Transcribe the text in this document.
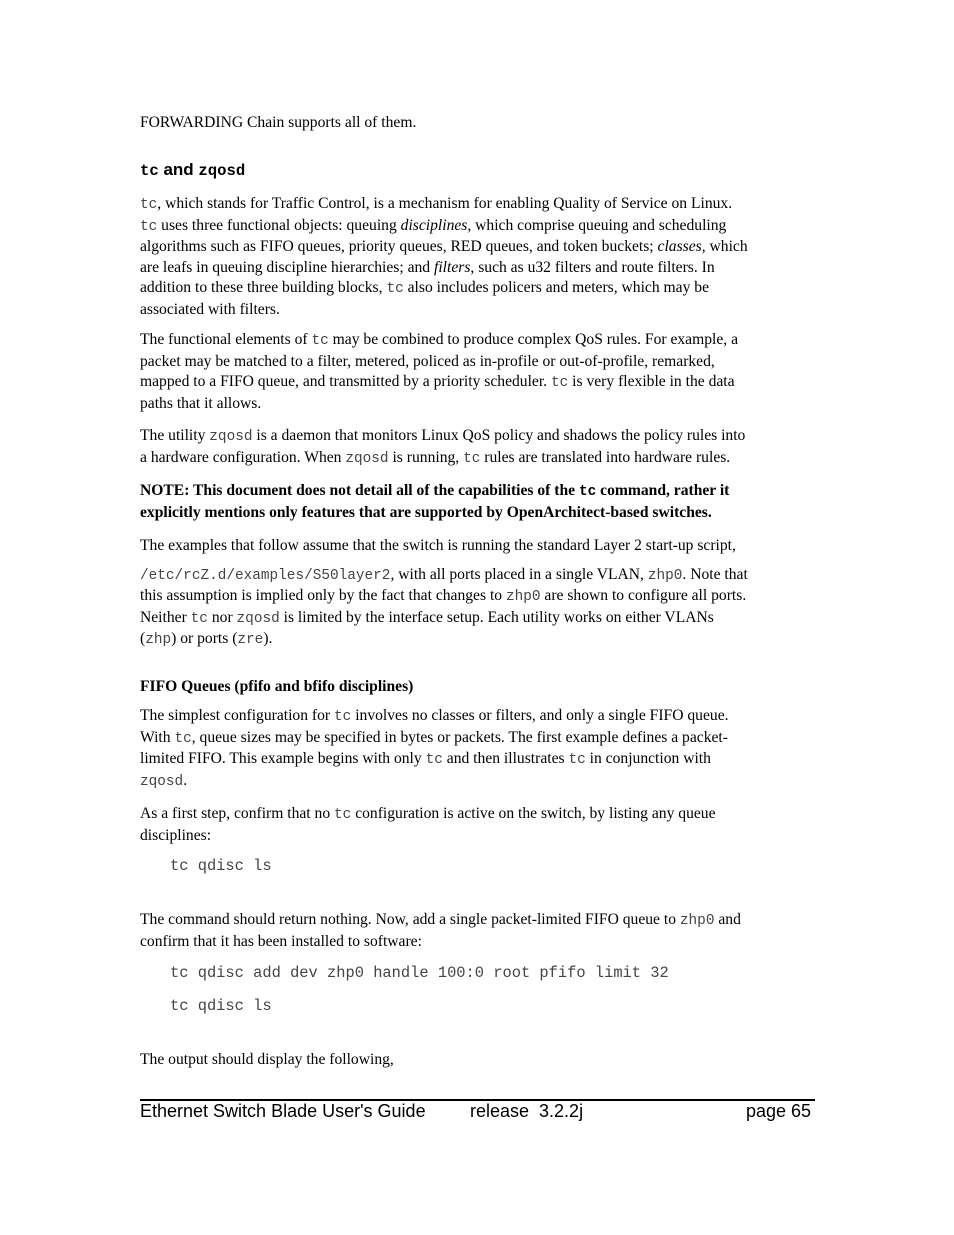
FORWARDING Chain supports all of them.
tc and zqosd
tc, which stands for Traffic Control, is a mechanism for enabling Quality of Service on Linux.
tc uses three functional objects: queuing disciplines, which comprise queuing and scheduling
algorithms such as FIFO queues, priority queues, RED queues, and token buckets; classes, which
are leafs in queuing discipline hierarchies; and filters, such as u32 filters and route filters. In
addition to these three building blocks, tc also includes policers and meters, which may be
associated with filters.
The functional elements of tc may be combined to produce complex QoS rules. For example, a
packet may be matched to a filter, metered, policed as in-profile or out-of-profile, remarked,
mapped to a FIFO queue, and transmitted by a priority scheduler. tc is very flexible in the data
paths that it allows.
The utility zqosd is a daemon that monitors Linux QoS policy and shadows the policy rules into
a hardware configuration. When zqosd is running, tc rules are translated into hardware rules.
NOTE: This document does not detail all of the capabilities of the tc command, rather it
explicitly mentions only features that are supported by OpenArchitect-based switches.
The examples that follow assume that the switch is running the standard Layer 2 start-up script,
/etc/rcZ.d/examples/S50layer2, with all ports placed in a single VLAN, zhp0. Note that
this assumption is implied only by the fact that changes to zhp0 are shown to configure all ports.
Neither tc nor zqosd is limited by the interface setup. Each utility works on either VLANs
(zhp) or ports (zre).
FIFO Queues (pfifo and bfifo disciplines)
The simplest configuration for tc involves no classes or filters, and only a single FIFO queue.
With tc, queue sizes may be specified in bytes or packets. The first example defines a packet-
limited FIFO. This example begins with only tc and then illustrates tc in conjunction with
zqosd.
As a first step, confirm that no tc configuration is active on the switch, by listing any queue
disciplines:
tc qdisc ls
The command should return nothing. Now, add a single packet-limited FIFO queue to zhp0 and
confirm that it has been installed to software:
tc qdisc add dev zhp0 handle 100:0 root pfifo limit 32
tc qdisc ls
The output should display the following,
Ethernet Switch Blade User's Guide release  3.2.2j	page 65
